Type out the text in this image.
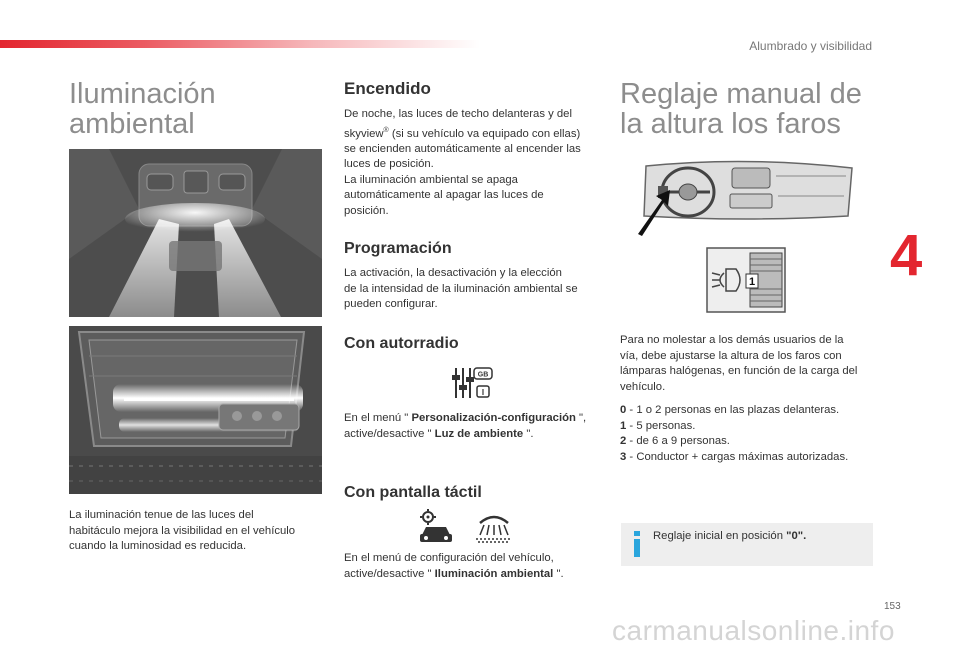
Alumbrado y visibilidad
Iluminación
ambiental
La iluminación tenue de las luces del
habitáculo mejora la visibilidad en el vehículo
cuando la luminosidad es reducida.
Encendido
De noche, las luces de techo delanteras y del
skyview® (si su vehículo va equipado con ellas)
se encienden automáticamente al encender las
luces de posición.
La iluminación ambiental se apaga
automáticamente al apagar las luces de
posición.
Programación
La activación, la desactivación y la elección
de la intensidad de la iluminación ambiental se
pueden configurar.
Con autorradio
GB
I
En el menú " Personalización-configuración ",
active/desactive " Luz de ambiente ".
Con pantalla táctil
En el menú de configuración del vehículo,
active/desactive " Iluminación ambiental ".
Reglaje manual de
la altura los faros
1
Para no molestar a los demás usuarios de la
vía, debe ajustarse la altura de los faros con
lámparas halógenas, en función de la carga del
vehículo.
0 - 1 o 2 personas en las plazas delanteras.
1 - 5 personas.
2 - de 6 a 9 personas.
3 - Conductor + cargas máximas autorizadas.
Reglaje inicial en posición "0".
4
153
carmanualsonline.info
